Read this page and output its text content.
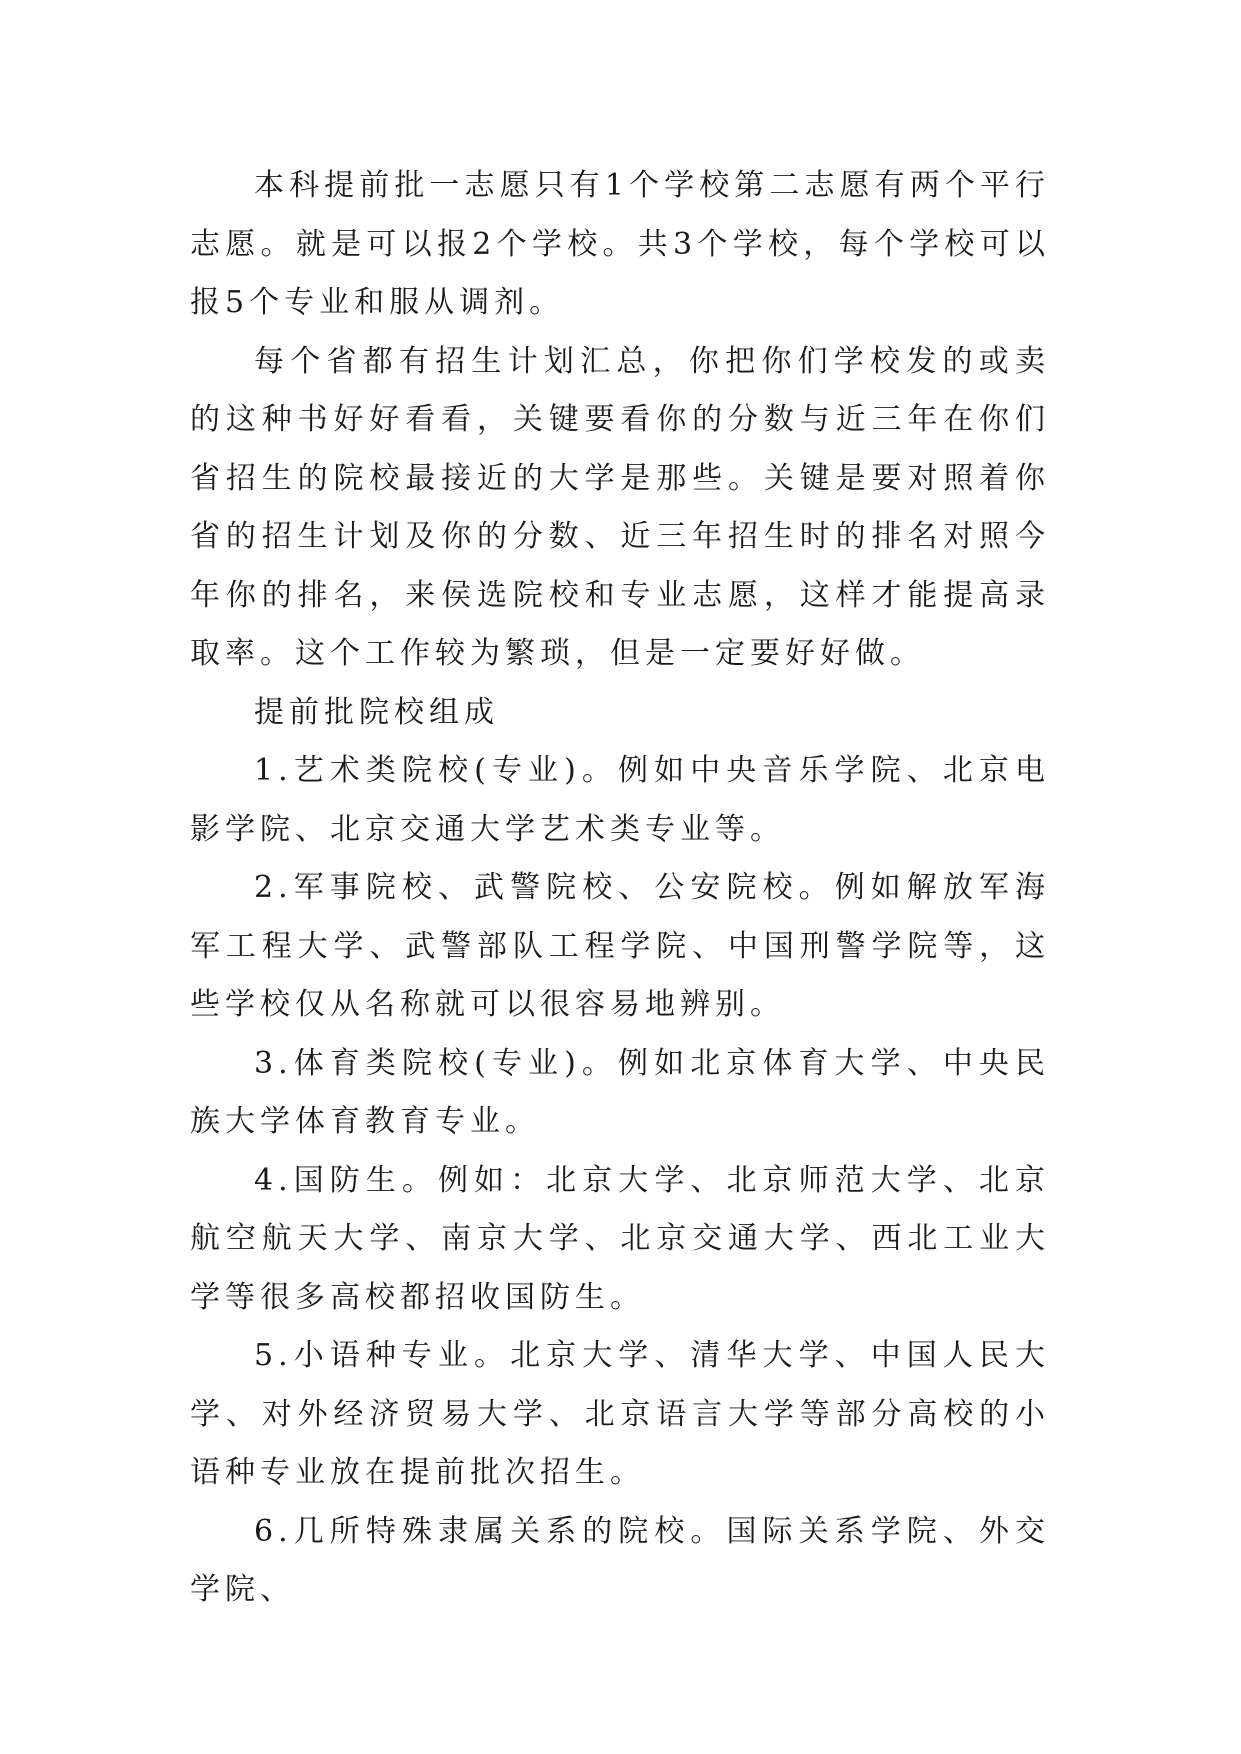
本科提前批一志愿只有1个学校第二志愿有两个平行志愿。就是可以报2个学校。共3个学校，每个学校可以报5个专业和服从调剂。

每个省都有招生计划汇总，你把你们学校发的或卖的这种书好好看看，关键要看你的分数与近三年在你们省招生的院校最接近的大学是那些。关键是要对照着你省的招生计划及你的分数、近三年招生时的排名对照今年你的排名，来侯选院校和专业志愿，这样才能提高录取率。这个工作较为繁琐，但是一定要好好做。

提前批院校组成

1.艺术类院校(专业)。例如中央音乐学院、北京电影学院、北京交通大学艺术类专业等。

2.军事院校、武警院校、公安院校。例如解放军海军工程大学、武警部队工程学院、中国刑警学院等，这些学校仅从名称就可以很容易地辨别。

3.体育类院校(专业)。例如北京体育大学、中央民族大学体育教育专业。

4.国防生。例如：北京大学、北京师范大学、北京航空航天大学、南京大学、北京交通大学、西北工业大学等很多高校都招收国防生。

5.小语种专业。北京大学、清华大学、中国人民大学、对外经济贸易大学、北京语言大学等部分高校的小语种专业放在提前批次招生。

6.几所特殊隶属关系的院校。国际关系学院、外交学院、
